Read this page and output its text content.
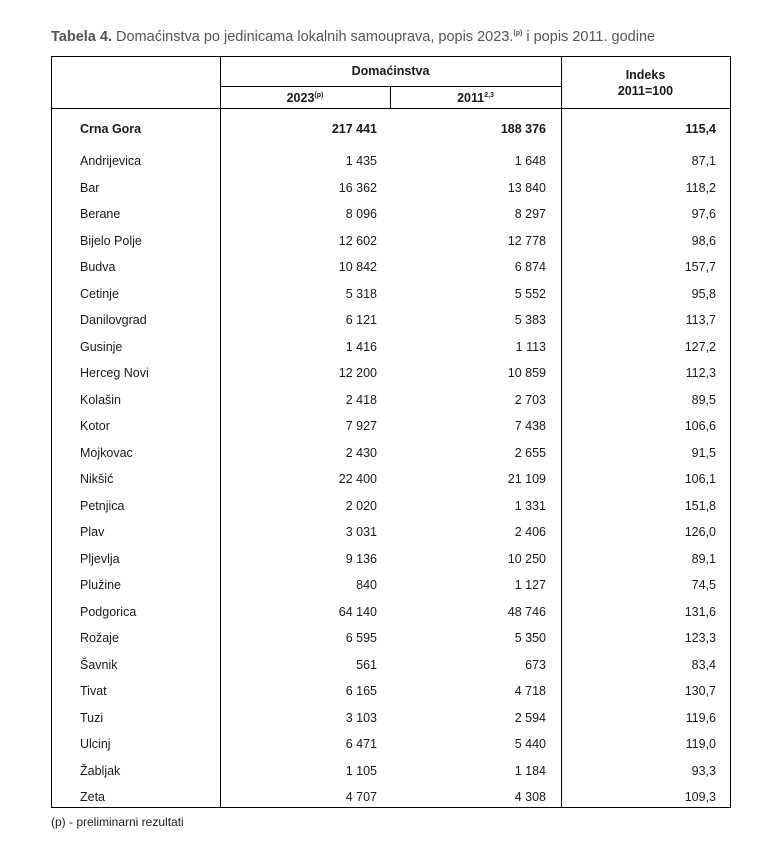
Tabela 4. Domaćinstva po jedinicama lokalnih samouprava, popis 2023.$^{(p)}$ i popis 2011. godine
Domaćinstva
2023$^{(p)}$	2011$^{2,3}$
Indeks
2011=100
Crna Gora	217 441	188 376	115,4
Andrijevica	1 435	1 648	87,1
Bar	16 362	13 840	118,2
Berane	8 096	8 297	97,6
Bijelo Polje	12 602	12 778	98,6
Budva	10 842	6 874	157,7
Cetinje	5 318	5 552	95,8
Danilovgrad	6 121	5 383	113,7
Gusinje	1 416	1 113	127,2
Herceg Novi	12 200	10 859	112,3
Kolašin	2 418	2 703	89,5
Kotor	7 927	7 438	106,6
Mojkovac	2 430	2 655	91,5
Nikšić	22 400	21 109	106,1
Petnjica	2 020	1 331	151,8
Plav	3 031	2 406	126,0
Pljevlja	9 136	10 250	89,1
Plužine	840	1 127	74,5
Podgorica	64 140	48 746	131,6
Rožaje	6 595	5 350	123,3
Šavnik	561	673	83,4
Tivat	6 165	4 718	130,7
Tuzi	3 103	2 594	119,6
Ulcinj	6 471	5 440	119,0
Žabljak	1 105	1 184	93,3
Zeta	4 707	4 308	109,3
(p) - preliminarni rezultati
